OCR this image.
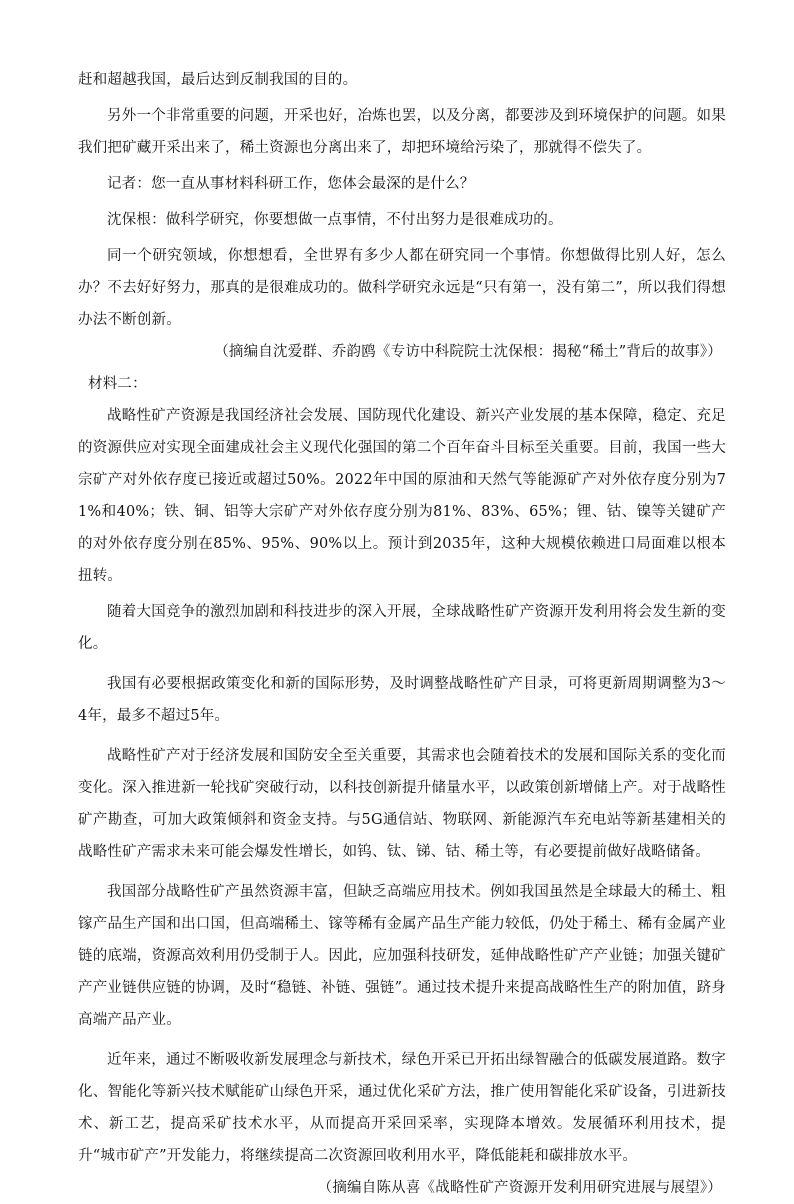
赶和超越我国，最后达到反制我国的目的。

另外一个非常重要的问题，开采也好，冶炼也罢，以及分离，都要涉及到环境保护的问题。如果我们把矿藏开采出来了，稀土资源也分离出来了，却把环境给污染了，那就得不偿失了。

记者：您一直从事材料科研工作，您体会最深的是什么？

沈保根：做科学研究，你要想做一点事情，不付出努力是很难成功的。

同一个研究领域，你想想看，全世界有多少人都在研究同一个事情。你想做得比别人好，怎么办？不去好好努力，那真的是很难成功的。做科学研究永远是“只有第一，没有第二”，所以我们得想办法不断创新。

（摘编自沈爱群、乔韵鸥《专访中科院院士沈保根：揭秘“稀土”背后的故事》）

材料二：

战略性矿产资源是我国经济社会发展、国防现代化建设、新兴产业发展的基本保障，稳定、充足的资源供应对实现全面建成社会主义现代化强国的第二个百年奋斗目标至关重要。目前，我国一些大宗矿产对外依存度已接近或超过50%。2022年中国的原油和天然气等能源矿产对外依存度分别为71%和40%；铁、铜、铝等大宗矿产对外依存度分别为81%、83%、65%；锂、钴、镍等关键矿产的对外依存度分别在85%、95%、90%以上。预计到2035年，这种大规模依赖进口局面难以根本扭转。

随着大国竞争的激烈加剧和科技进步的深入开展，全球战略性矿产资源开发利用将会发生新的变化。

我国有必要根据政策变化和新的国际形势，及时调整战略性矿产目录，可将更新周期调整为3～4年，最多不超过5年。

战略性矿产对于经济发展和国防安全至关重要，其需求也会随着技术的发展和国际关系的变化而变化。深入推进新一轮找矿突破行动，以科技创新提升储量水平，以政策创新增储上产。对于战略性矿产勘查，可加大政策倾斜和资金支持。与5G通信站、物联网、新能源汽车充电站等新基建相关的战略性矿产需求未来可能会爆发性增长，如钨、钛、锑、钴、稀土等，有必要提前做好战略储备。

我国部分战略性矿产虽然资源丰富，但缺乏高端应用技术。例如我国虽然是全球最大的稀土、粗镓产品生产国和出口国，但高端稀土、镓等稀有金属产品生产能力较低，仍处于稀土、稀有金属产业链的底端，资源高效利用仍受制于人。因此，应加强科技研发，延伸战略性矿产产业链；加强关键矿产产业链供应链的协调，及时“稳链、补链、强链”。通过技术提升来提高战略性生产的附加值，跻身高端产品产业。

近年来，通过不断吸收新发展理念与新技术，绿色开采已开拓出绿智融合的低碳发展道路。数字化、智能化等新兴技术赋能矿山绿色开采，通过优化采矿方法，推广使用智能化采矿设备，引进新技术、新工艺，提高采矿技术水平，从而提高开采回采率，实现降本增效。发展循环利用技术，提升“城市矿产”开发能力，将继续提高二次资源回收利用水平，降低能耗和碳排放水平。

（摘编自陈从喜《战略性矿产资源开发利用研究进展与展望》）
